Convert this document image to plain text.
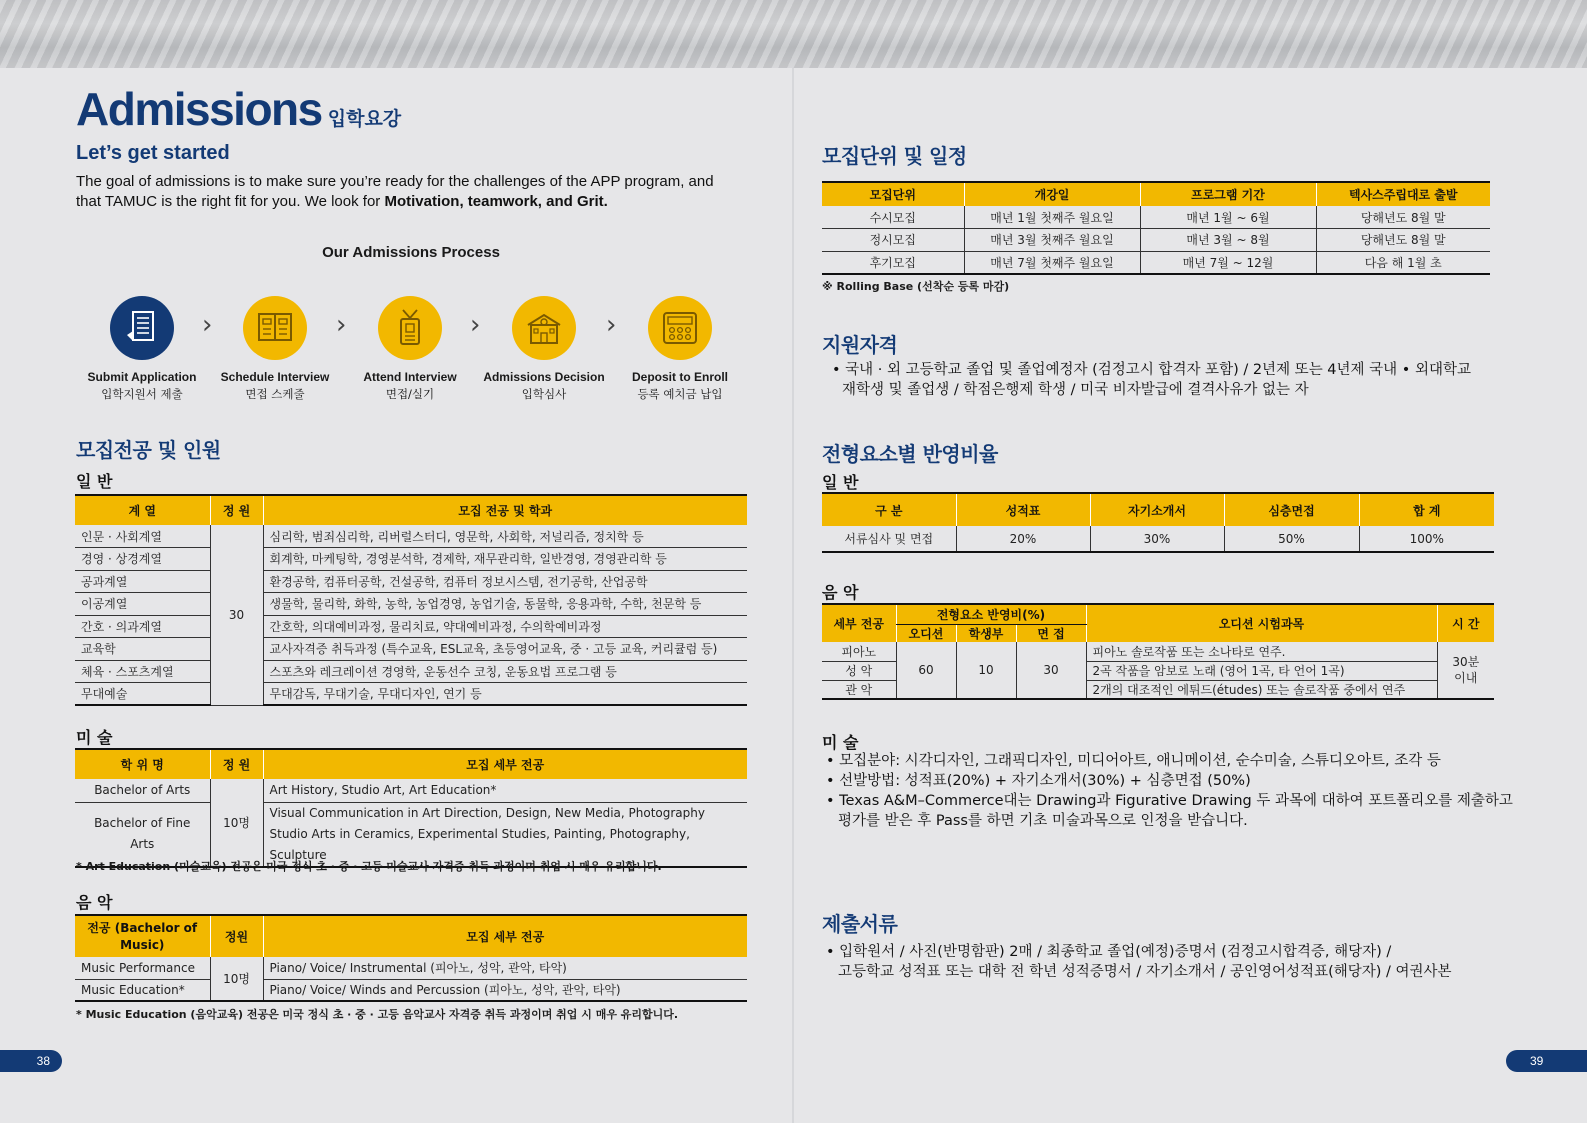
Admissions 입학요강
Let’s get started
The goal of admissions is to make sure you’re ready for the challenges of the APP program, and
that TAMUC is the right fit for you. We look for Motivation, teamwork, and Grit.
Our Admissions Process
Submit Application
입학지원서 제출
›
Schedule Interview
면접 스케줄
›
Attend Interview
면접/실기
›
Admissions Decision
입학심사
›
Deposit to Enroll
등록 예치금 납입
모집전공 및 인원
일 반
계 열	정 원	모집 전공 및 학과
인문 · 사회계열	30	심리학, 범죄심리학, 리버럴스터디, 영문학, 사회학, 저널리즘, 정치학 등
경영 · 상경계열		회계학, 마케팅학, 경영분석학, 경제학, 재무관리학, 일반경영, 경영관리학 등
공과계열		환경공학, 컴퓨터공학, 건설공학, 컴퓨터 정보시스템, 전기공학, 산업공학
이공계열		생물학, 물리학, 화학, 농학, 농업경영, 농업기술, 동물학, 응용과학, 수학, 천문학 등
간호 · 의과계열		간호학, 의대예비과정, 물리치료, 약대예비과정, 수의학예비과정
교육학		교사자격증 취득과정 (특수교육, ESL교육, 초등영어교육, 중 · 고등 교육, 커리큘럼 등)
체육 · 스포츠계열		스포츠와 레크레이션 경영학, 운동선수 코칭, 운동요법 프로그램 등
무대예술		무대감독, 무대기술, 무대디자인, 연기 등
미 술
학 위 명	정 원	모집 세부 전공
Bachelor of Arts	10명	Art History, Studio Art, Art Education*
Bachelor of Fine Arts		Visual Communication in Art Direction, Design, New Media, Photography
Studio Arts in Ceramics, Experimental Studies, Painting, Photography, Sculpture
* Art Education (미술교육) 전공은 미국 정식 초 · 중 · 고등 미술교사 자격증 취득 과정이며 취업 시 매우 유리합니다.
음 악
전공 (Bachelor of Music)	정원	모집 세부 전공
Music Performance	10명	Piano/ Voice/ Instrumental (피아노, 성악, 관악, 타악)
Music Education*		Piano/ Voice/ Winds and Percussion (피아노, 성악, 관악, 타악)
* Music Education (음악교육) 전공은 미국 정식 초 · 중 · 고등 음악교사 자격증 취득 과정이며 취업 시 매우 유리합니다.
38
모집단위 및 일정
모집단위	개강일	프로그램 기간	텍사스주립대로 출발
수시모집	매년 1월 첫째주 월요일	매년 1월 ~ 6월	당해년도 8월 말
정시모집	매년 3월 첫째주 월요일	매년 3월 ~ 8월	당해년도 8월 말
후기모집	매년 7월 첫째주 월요일	매년 7월 ~ 12월	다음 해 1월 초
※ Rolling Base (선착순 등록 마감)
지원자격
• 국내 · 외 고등학교 졸업 및 졸업예정자 (검정고시 합격자 포함) / 2년제 또는 4년제 국내 • 외대학교
재학생 및 졸업생 / 학점은행제 학생 / 미국 비자발급에 결격사유가 없는 자
전형요소별 반영비율
일 반
구 분	성적표	자기소개서	심층면접	합 계
서류심사 및 면접	20%	30%	50%	100%
음 악
세부 전공	전형요소 반영비(%)			오디션 시험과목	시 간
	오디션	학생부	면 접		
피아노	60	10	30	피아노 솔로작품 또는 소나타로 연주.	30분 이내
성 악				2곡 작품을 암보로 노래 (영어 1곡, 타 언어 1곡)	
관 악				2개의 대조적인 에튀드(études) 또는 솔로작품 중에서 연주	
미 술
• 모집분야: 시각디자인, 그래픽디자인, 미디어아트, 애니메이션, 순수미술, 스튜디오아트, 조각 등
• 선발방법: 성적표(20%) + 자기소개서(30%) + 심층면접 (50%)
• Texas A&M–Commerce대는 Drawing과 Figurative Drawing 두 과목에 대하여 포트폴리오를 제출하고
평가를 받은 후 Pass를 하면 기초 미술과목으로 인정을 받습니다.
제출서류
• 입학원서 / 사진(반명함판) 2매 / 최종학교 졸업(예정)증명서 (검정고시합격증, 해당자) /
고등학교 성적표 또는 대학 전 학년 성적증명서 / 자기소개서 / 공인영어성적표(해당자) / 여권사본
39
